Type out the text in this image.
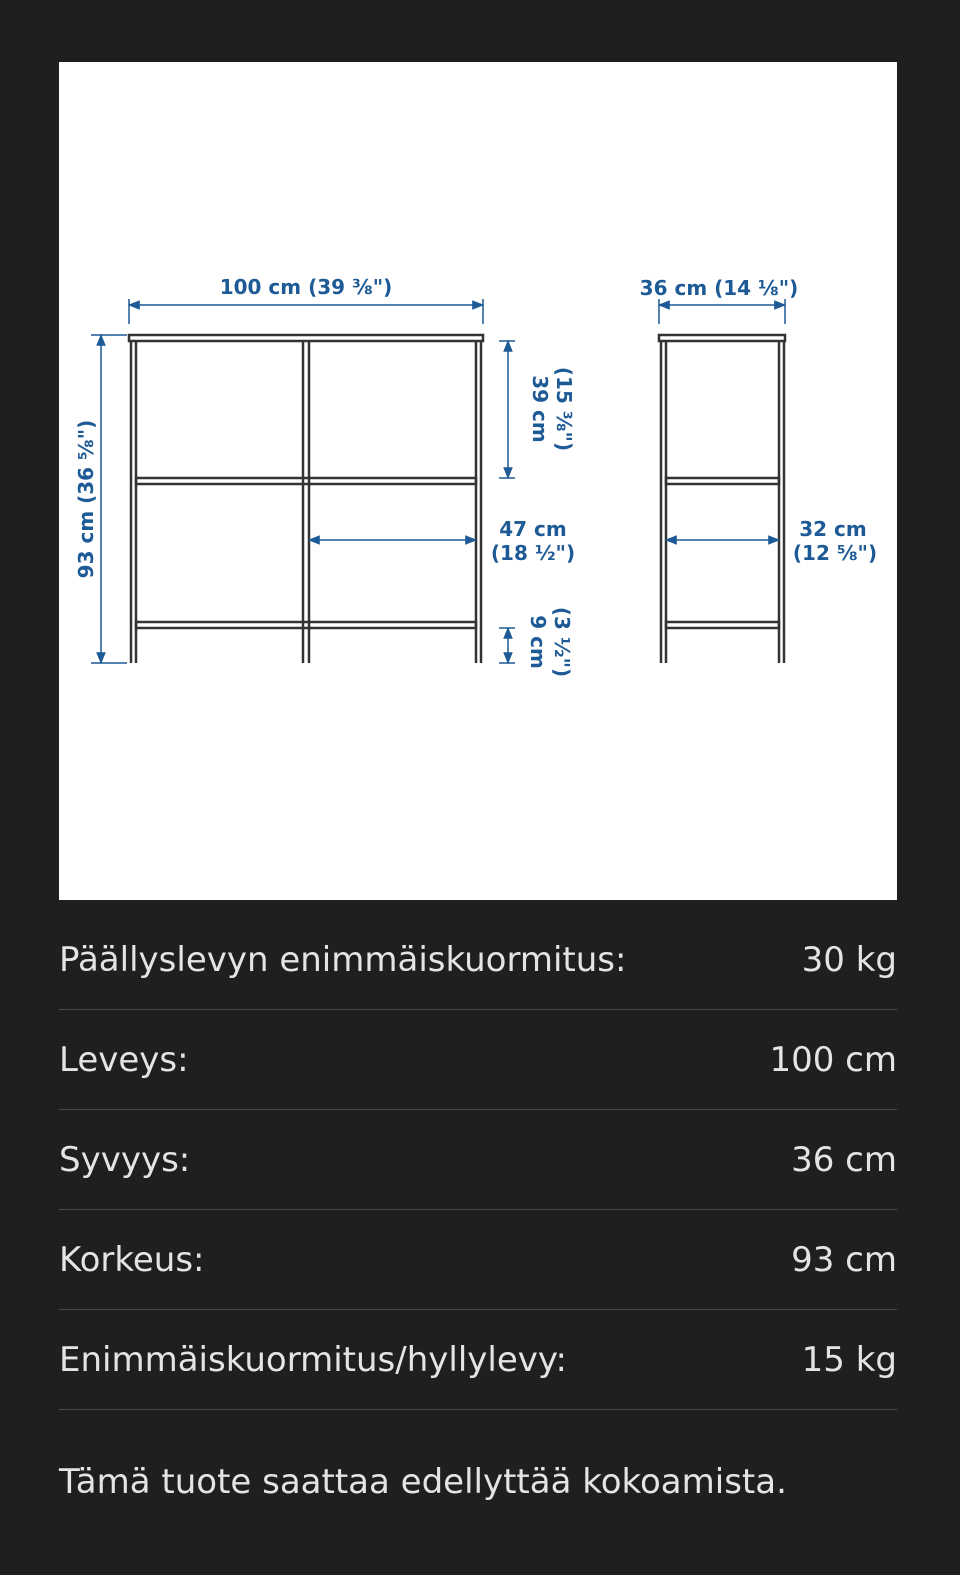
100 cm (39 ⅜")
93 cm (36 ⅝")
39 cm (15 ⅜")
47 cm
(18 ½")
9 cm (3 ½")
36 cm (14 ⅛")
32 cm
(12 ⅝")
Päällyslevyn enimmäiskuormitus:	30 kg
Leveys:	100 cm
Syvyys:	36 cm
Korkeus:	93 cm
Enimmäiskuormitus/hyllylevy:	15 kg
Tämä tuote saattaa edellyttää kokoamista.
